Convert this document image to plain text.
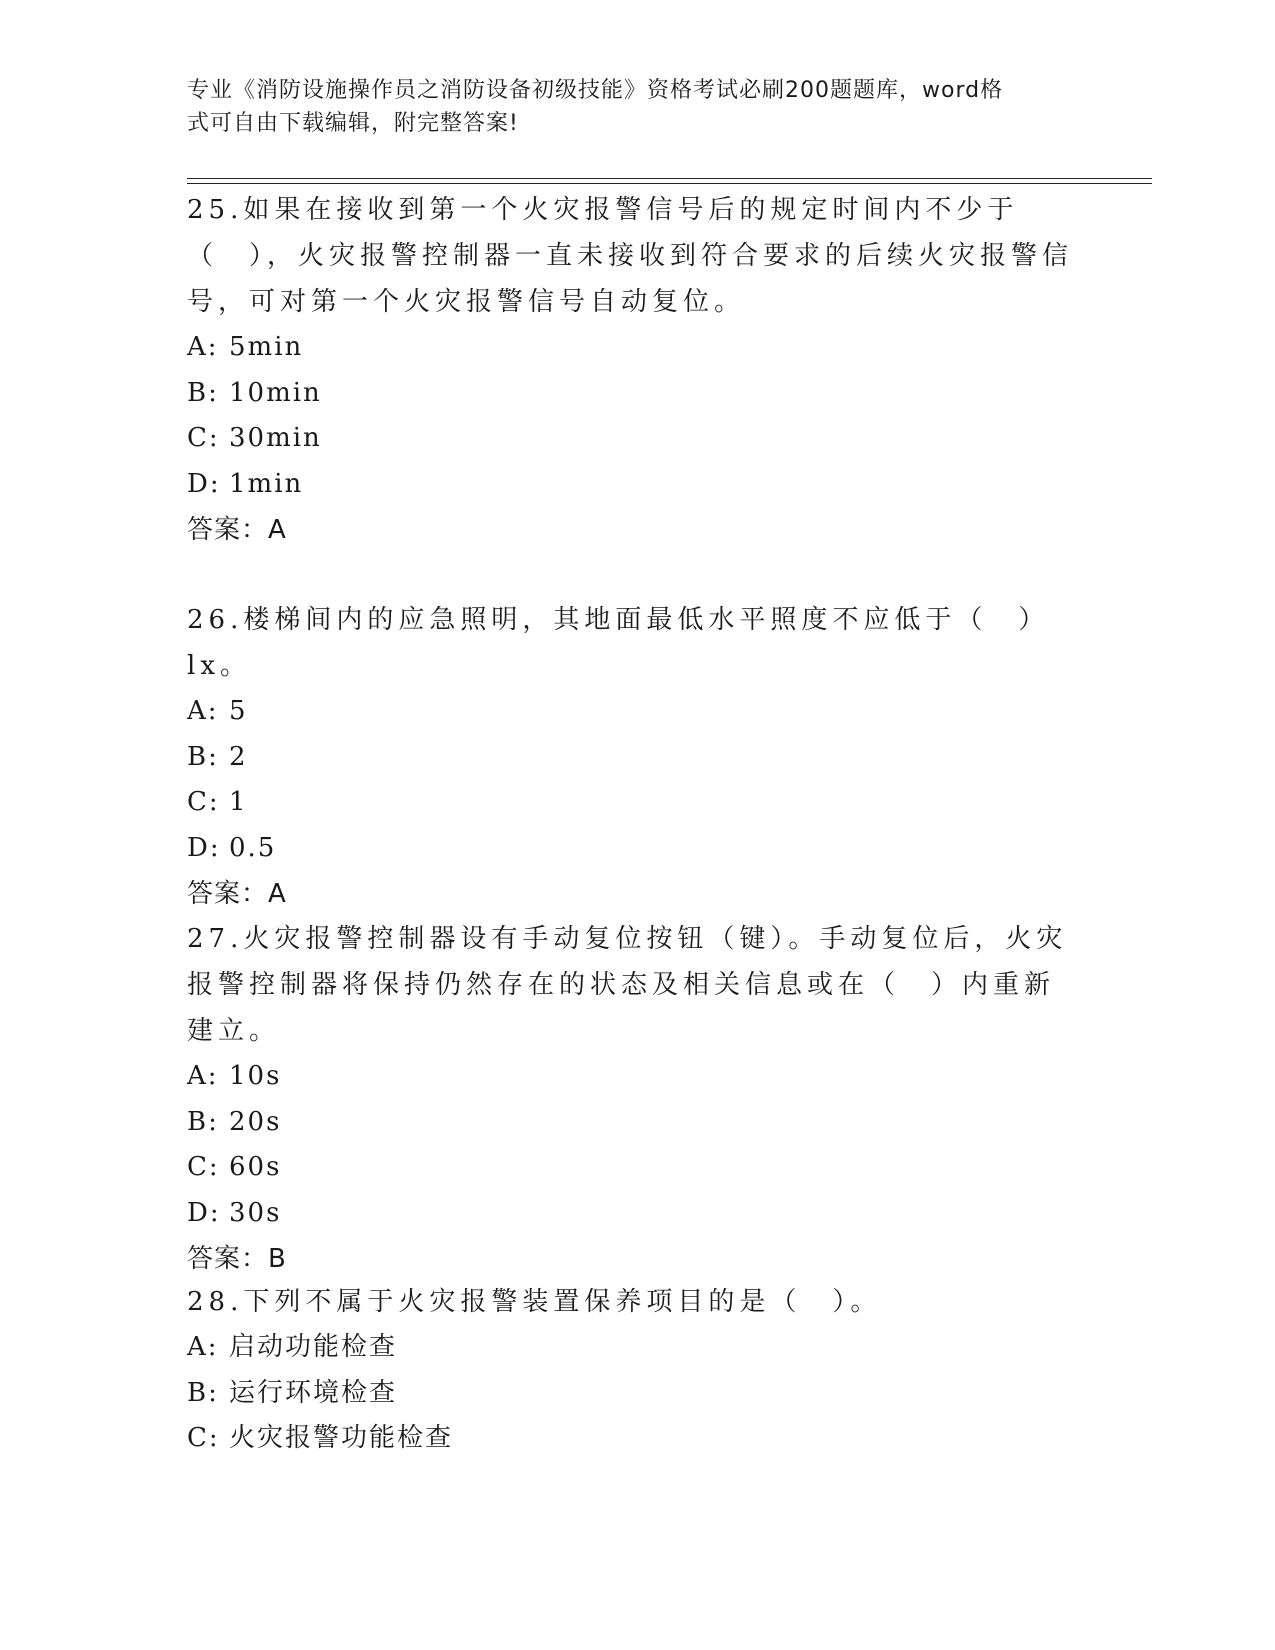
专业《消防设施操作员之消防设备初级技能》资格考试必刷200题题库，word格
式可自由下载编辑，附完整答案!

25.如果在接收到第一个火灾报警信号后的规定时间内不少于（　），火灾报警控制器一直未接收到符合要求的后续火灾报警信号，可对第一个火灾报警信号自动复位。

A: 5min

B: 10min

C: 30min

D: 1min

答案：A

26.楼梯间内的应急照明，其地面最低水平照度不应低于（　）lx。

A: 5

B: 2

C: 1

D: 0.5

答案：A

27.火灾报警控制器设有手动复位按钮（键）。手动复位后，火灾报警控制器将保持仍然存在的状态及相关信息或在（　）内重新建立。

A: 10s

B: 20s

C: 60s

D: 30s

答案：B

28.下列不属于火灾报警装置保养项目的是（　）。

A: 启动功能检查

B: 运行环境检查

C: 火灾报警功能检查
